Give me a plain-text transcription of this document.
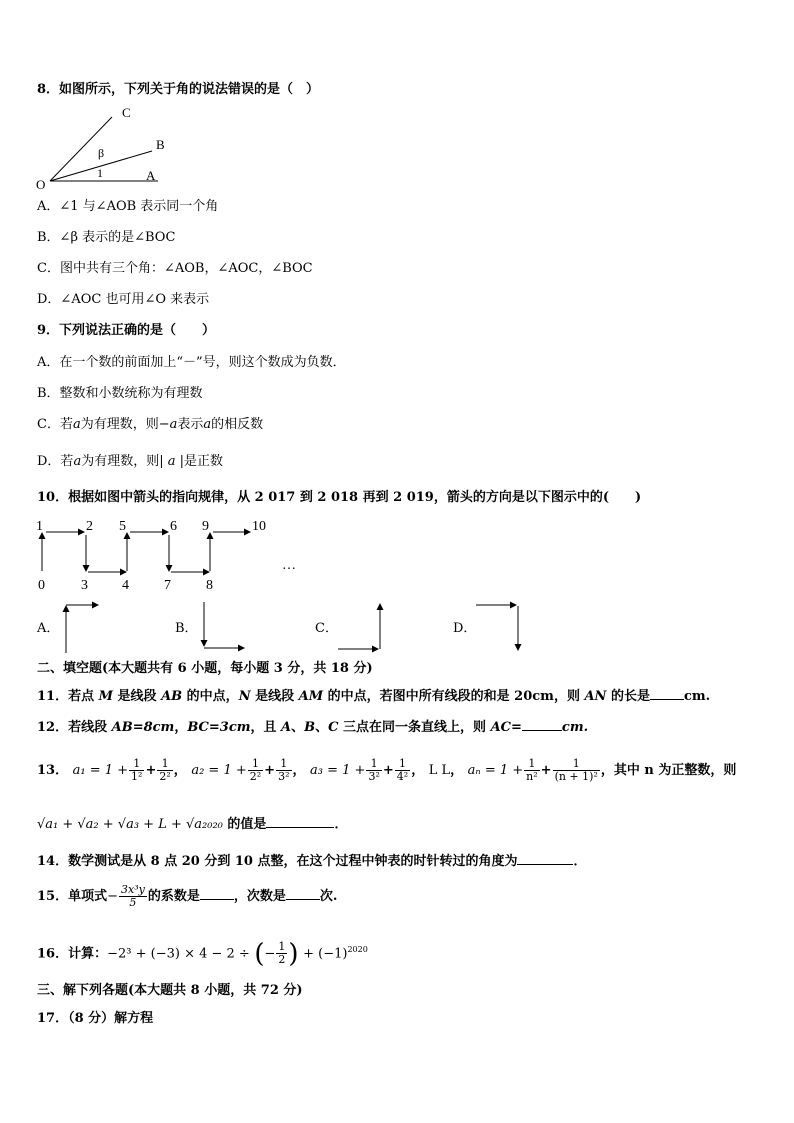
8．如图所示，下列关于角的说法错误的是（　）
O
A
B
C
β
1
A．∠1 与∠AOB 表示同一个角
B．∠β 表示的是∠BOC
C．图中共有三个角：∠AOB，∠AOC，∠BOC
D．∠AOC 也可用∠O 来表示
9．下列说法正确的是（　　）
A．在一个数的前面加上“－”号，则这个数成为负数．
B．整数和小数统称为有理数
C．若a为有理数，则−a表示a的相反数
D．若a为有理数，则| a |是正数
10．根据如图中箭头的指向规律，从 2 017 到 2 018 再到 2 019，箭头的方向是以下图示中的(　　)
1	2 5	6 9	10
0	3 4	7	8
…
A．	B．	C．	D．
二、填空题(本大题共有 6 小题，每小题 3 分，共 18 分)
11．若点 M 是线段 AB 的中点，N 是线段 AM 的中点，若图中所有线段的和是 20cm，则 AN 的长是	cm.
12．若线段 AB=8cm，BC=3cm，且 A、B、C 三点在同一条直线上，则 AC=	cm.
13． $a_1 = 1 + \frac{1}{\text{1²}} + \frac{1}{\text{2²}}$ ， $a_2 = 1 + \frac{1}{\text{2²}} + \frac{1}{\text{3²}}$ ， $a_3 = 1 + \frac{1}{\text{3²}} + \frac{1}{\text{4²}}$ ， L L， $a_n = 1 + \frac{1}{\text{n²}} + \frac{1}{\text{(n + 1)²}}$ ，其中 n 为正整数，则
√a₁ + √a₂ + √a₃ + L + √a₂₀₂₀ 的值是	．
14．数学测试是从 8 点 20 分到 10 点整，在这个过程中钟表的时针转过的角度为	．
15．单项式− $\frac{\text{3x³y}}{5}$ 的系数是	，次数是	次.
16．计算：−2³ + (−3) × 4 − 2 ÷ (− $\frac{1}{2}$ ) + $(-1)^{2020}$
三、解下列各题(本大题共 8 小题，共 72 分)
17．（8 分）解方程
